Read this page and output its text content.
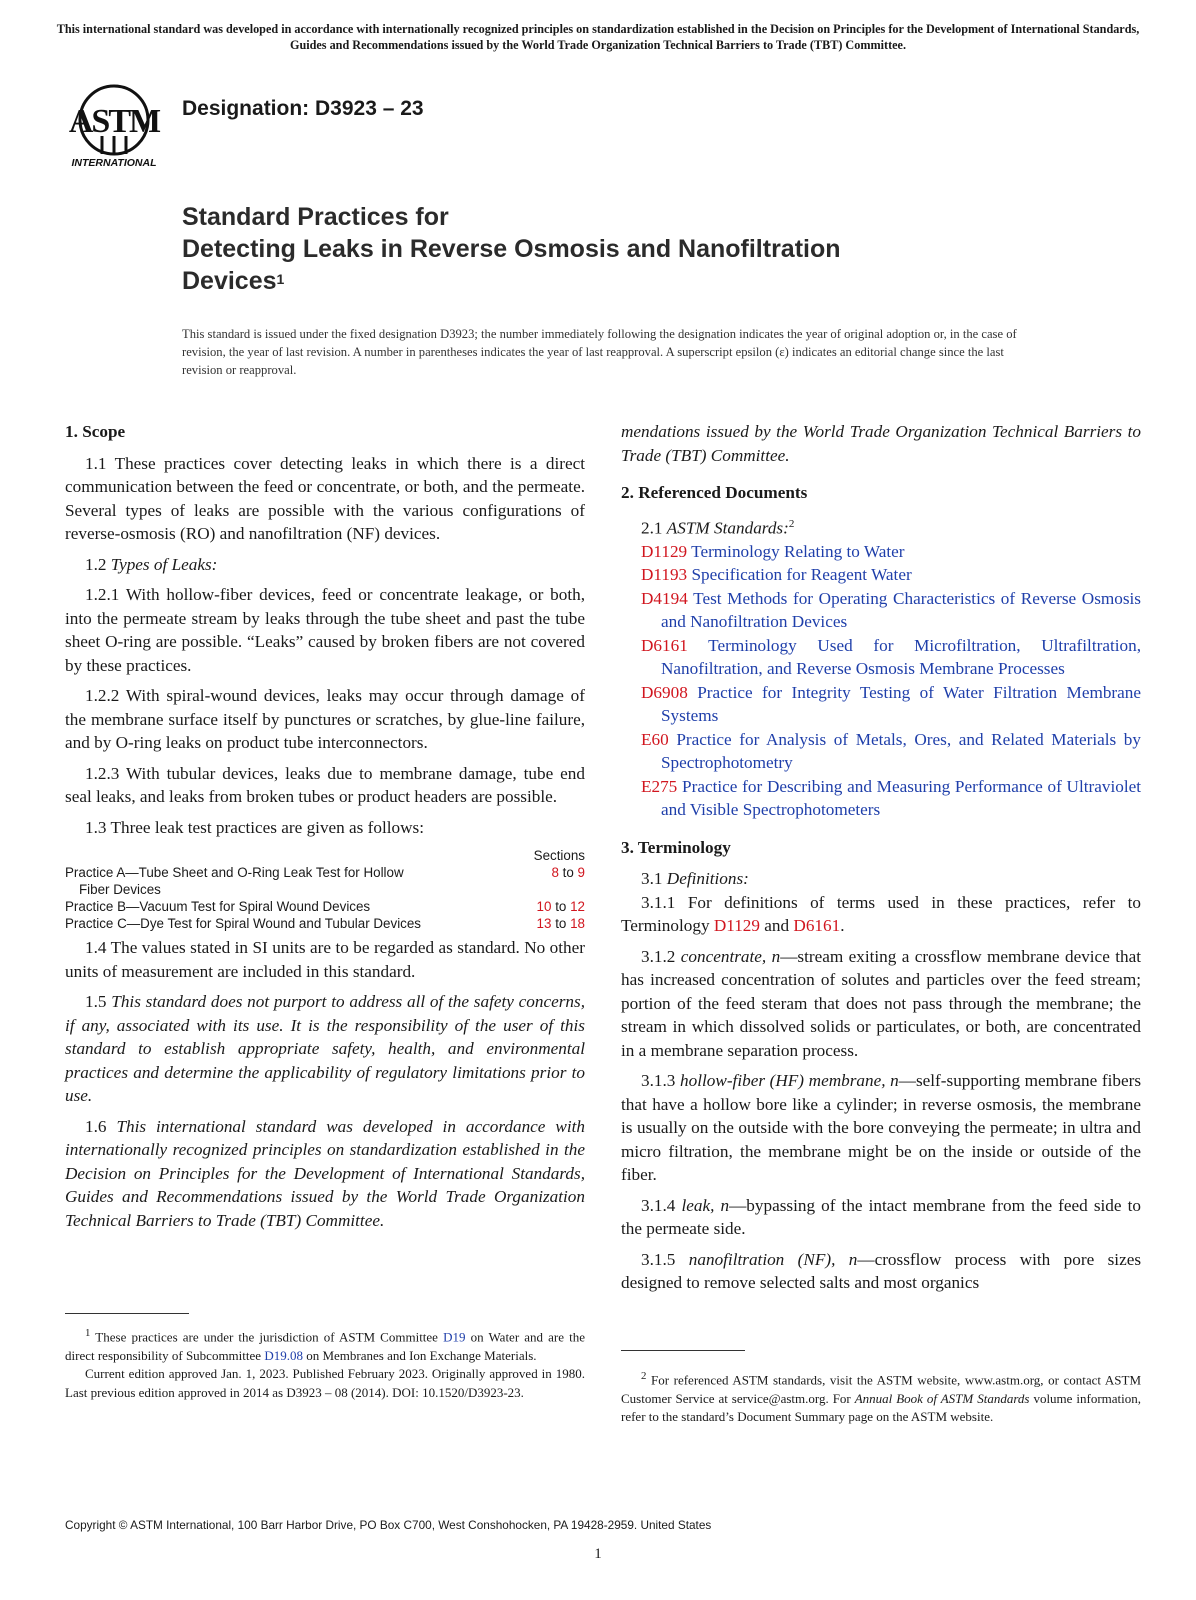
This international standard was developed in accordance with internationally recognized principles on standardization established in the Decision on Principles for the Development of International Standards, Guides and Recommendations issued by the World Trade Organization Technical Barriers to Trade (TBT) Committee.
ASTM
INTERNATIONAL
Designation: D3923 – 23
Standard Practices for
Detecting Leaks in Reverse Osmosis and Nanofiltration
Devices$^1$
This standard is issued under the fixed designation D3923; the number immediately following the designation indicates the year of original adoption or, in the case of revision, the year of last revision. A number in parentheses indicates the year of last reapproval. A superscript epsilon (ε) indicates an editorial change since the last revision or reapproval.

1. Scope

1.1 These practices cover detecting leaks in which there is a direct communication between the feed or concentrate, or both, and the permeate. Several types of leaks are possible with the various configurations of reverse-osmosis (RO) and nanofiltration (NF) devices.

1.2 Types of Leaks:

1.2.1 With hollow-fiber devices, feed or concentrate leakage, or both, into the permeate stream by leaks through the tube sheet and past the tube sheet O-ring are possible. “Leaks” caused by broken fibers are not covered by these practices.

1.2.2 With spiral-wound devices, leaks may occur through damage of the membrane surface itself by punctures or scratches, by glue-line failure, and by O-ring leaks on product tube interconnectors.

1.2.3 With tubular devices, leaks due to membrane damage, tube end seal leaks, and leaks from broken tubes or product headers are possible.

1.3 Three leak test practices are given as follows:

Sections
Practice A—Tube Sheet and O-Ring Leak Test for Hollow	8 to 9
Fiber Devices
Practice B—Vacuum Test for Spiral Wound Devices	10 to 12
Practice C—Dye Test for Spiral Wound and Tubular Devices	13 to 18

1.4 The values stated in SI units are to be regarded as standard. No other units of measurement are included in this standard.

1.5 This standard does not purport to address all of the safety concerns, if any, associated with its use. It is the responsibility of the user of this standard to establish appropriate safety, health, and environmental practices and determine the applicability of regulatory limitations prior to use.

1.6 This international standard was developed in accordance with internationally recognized principles on standardization established in the Decision on Principles for the Development of International Standards, Guides and Recommendations issued by the World Trade Organization Technical Barriers to Trade (TBT) Committee.

$^1$ These practices are under the jurisdiction of ASTM Committee D19 on Water and are the direct responsibility of Subcommittee D19.08 on Membranes and Ion Exchange Materials.

Current edition approved Jan. 1, 2023. Published February 2023. Originally approved in 1980. Last previous edition approved in 2014 as D3923 – 08 (2014). DOI: 10.1520/D3923-23.

mendations issued by the World Trade Organization Technical Barriers to Trade (TBT) Committee.

2. Referenced Documents

2.1 ASTM Standards:$^2$

D1129 Terminology Relating to Water

D1193 Specification for Reagent Water

D4194 Test Methods for Operating Characteristics of Reverse Osmosis and Nanofiltration Devices

D6161 Terminology Used for Microfiltration, Ultrafiltration, Nanofiltration, and Reverse Osmosis Membrane Processes

D6908 Practice for Integrity Testing of Water Filtration Membrane Systems

E60 Practice for Analysis of Metals, Ores, and Related Materials by Spectrophotometry

E275 Practice for Describing and Measuring Performance of Ultraviolet and Visible Spectrophotometers

3. Terminology

3.1 Definitions:

3.1.1 For definitions of terms used in these practices, refer to Terminology D1129 and D6161.

3.1.2 concentrate, n—stream exiting a crossflow membrane device that has increased concentration of solutes and particles over the feed stream; portion of the feed steram that does not pass through the membrane; the stream in which dissolved solids or particulates, or both, are concentrated in a membrane separation process.

3.1.3 hollow-fiber (HF) membrane, n—self-supporting membrane fibers that have a hollow bore like a cylinder; in reverse osmosis, the membrane is usually on the outside with the bore conveying the permeate; in ultra and micro filtration, the membrane might be on the inside or outside of the fiber.

3.1.4 leak, n—bypassing of the intact membrane from the feed side to the permeate side.

3.1.5 nanofiltration (NF), n—crossflow process with pore sizes designed to remove selected salts and most organics

$^2$ For referenced ASTM standards, visit the ASTM website, www.astm.org, or contact ASTM Customer Service at service@astm.org. For Annual Book of ASTM Standards volume information, refer to the standard’s Document Summary page on the ASTM website.

Copyright © ASTM International, 100 Barr Harbor Drive, PO Box C700, West Conshohocken, PA 19428-2959. United States
1
